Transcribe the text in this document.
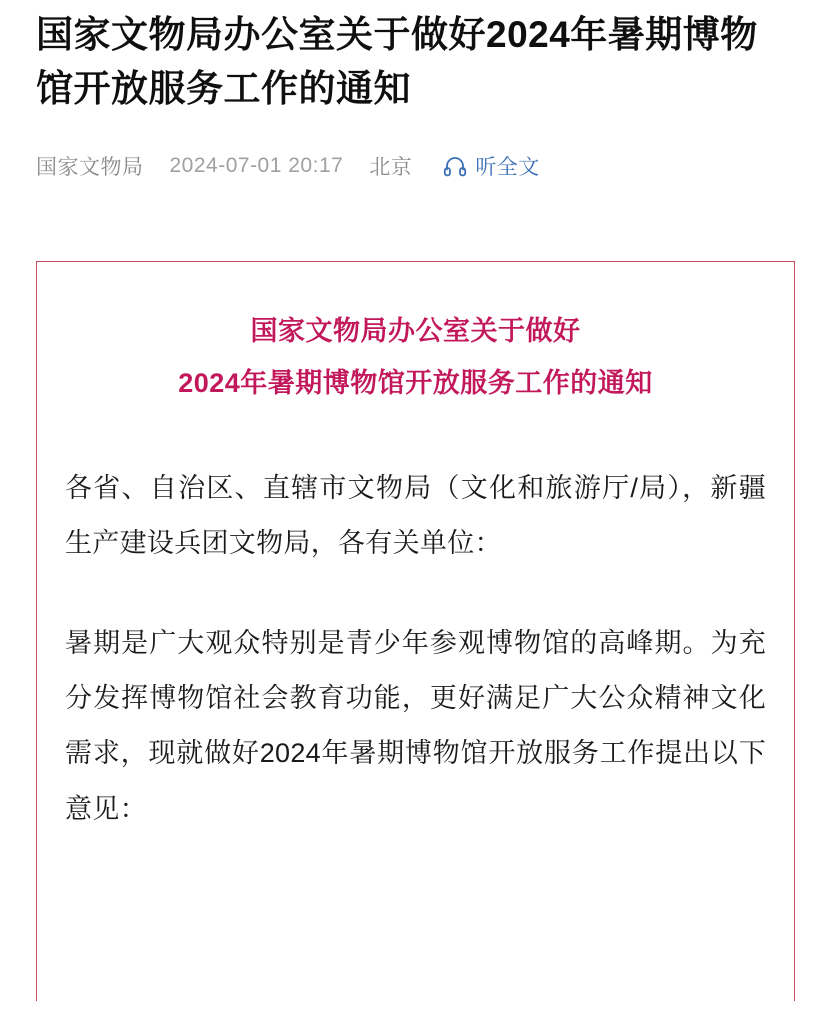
国家文物局办公室关于做好2024年暑期博物馆开放服务工作的通知
国家文物局 2024-07-01 20:17 北京	听全文
国家文物局办公室关于做好
2024年暑期博物馆开放服务工作的通知

各省、自治区、直辖市文物局（文化和旅游厅/局），新疆生产建设兵团文物局，各有关单位：

暑期是广大观众特别是青少年参观博物馆的高峰期。为充分发挥博物馆社会教育功能，更好满足广大公众精神文化需求，现就做好2024年暑期博物馆开放服务工作提出以下意见：
